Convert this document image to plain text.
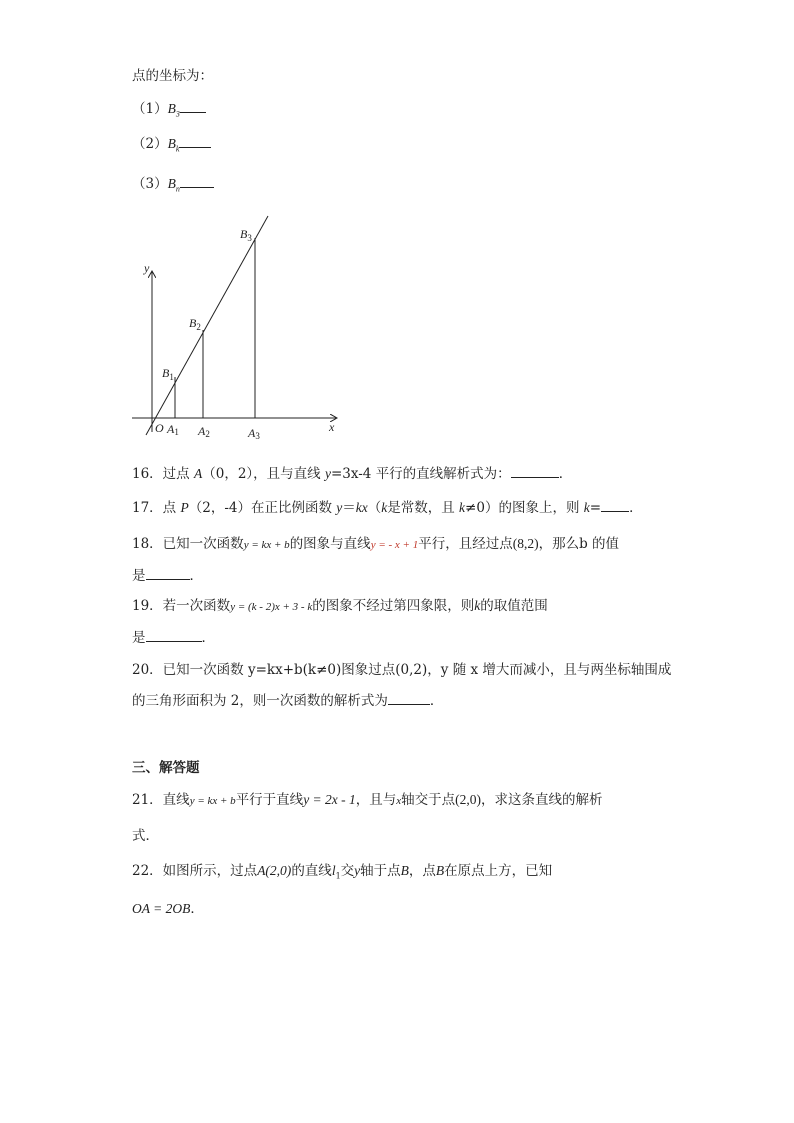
点的坐标为：
$(1)B_3$
$(2)B_k$
$(3)B_n$
y
x
O
$B_1$
$B_2$
$B_3$
A1 A2	A3
16．过点 A（0，2），且与直线 y=3x-4 平行的直线解析式为：	．
17．点 P（2，-4）在正比例函数 y＝kx（k是常数，且 k≠0）的图象上，则 k= ．
18．已知一次函数y = kx + b的图象与直线y = - x + 1平行，且经过点(8,2)，那么b 的值
是	．
19．若一次函数y = (k - 2)x + 3 - k的图象不经过第四象限，则k的取值范围
是	．
20．已知一次函数 y=kx+b(k≠0)图象过点(0,2)，y 随 x 增大而减小，且与两坐标轴围成
的三角形面积为 2，则一次函数的解析式为	．
三、解答题
21．直线y = kx + b平行于直线y = 2x - 1，且与x轴交于点(2,0)，求这条直线的解析
式．
22．如图所示，过点A(2,0)的直线$l_1$交y轴于点B，点B在原点上方，已知
OA = 2OB．
